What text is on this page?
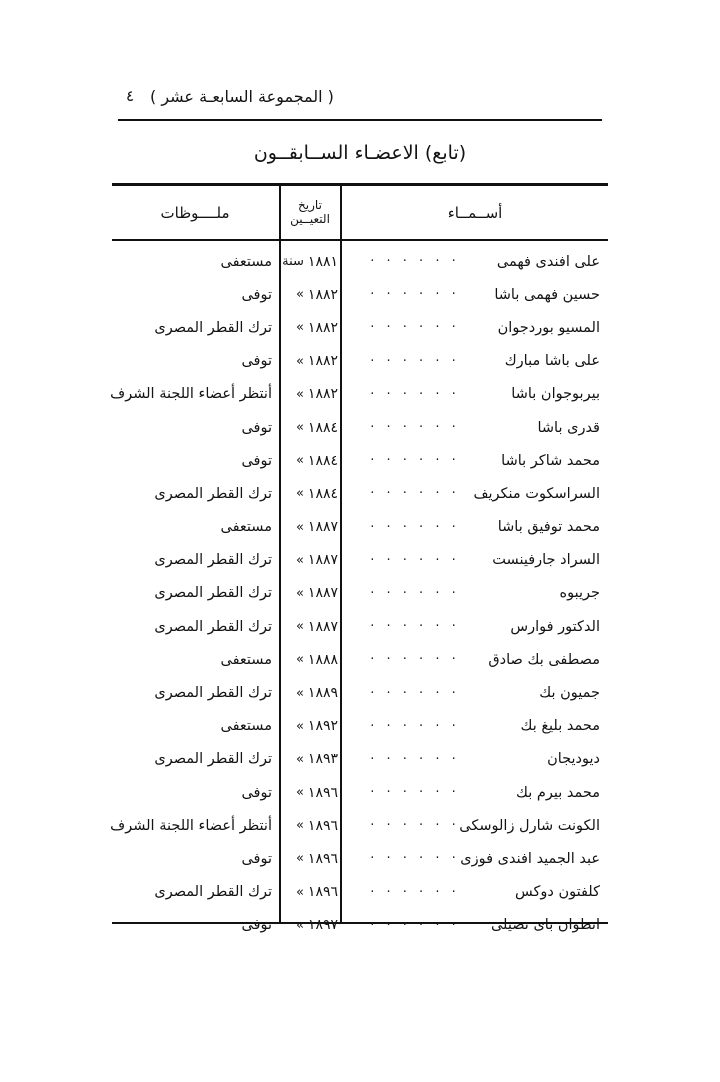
٤ ( المجموعة السابعـة عشر )
(تابع) الاعضـاء الســابقــون
أســمــاء
تاريخ التعيــين
ملــــوظات
على افندى فهمى
· · · · · ·
١٨٨١
سنة
مستعفى
حسين فهمى باشا
· · · · · ·
١٨٨٢
»
توفى
المسيو بوردجوان
· · · · · ·
١٨٨٢
»
ترك القطر المصرى
على باشا مبارك
· · · · · ·
١٨٨٢
»
توفى
بيربوجوان باشا
· · · · · ·
١٨٨٢
»
أنتظر أعضاء اللجنة الشرف
قدرى باشا
· · · · · ·
١٨٨٤
»
توفى
محمد شاكر باشا
· · · · · ·
١٨٨٤
»
توفى
السراسكوت منكريف
· · · · · ·
١٨٨٤
»
ترك القطر المصرى
محمد توفيق باشا
· · · · · ·
١٨٨٧
»
مستعفى
السراد جارفينست
· · · · · ·
١٨٨٧
»
ترك القطر المصرى
جريبوه
· · · · · ·
١٨٨٧
»
ترك القطر المصرى
الدكتور فوارس
· · · · · ·
١٨٨٧
»
ترك القطر المصرى
مصطفى بك صادق
· · · · · ·
١٨٨٨
»
مستعفى
جميون بك
· · · · · ·
١٨٨٩
»
ترك القطر المصرى
محمد بليغ بك
· · · · · ·
١٨٩٢
»
مستعفى
ديوديجان
· · · · · ·
١٨٩٣
»
ترك القطر المصرى
محمد بيرم بك
· · · · · ·
١٨٩٦
»
توفى
الكونت شارل زالوسكى
· · · · · ·
١٨٩٦
»
أنتظر أعضاء اللجنة الشرف
عبد الجميد افندى فوزى
· · · · · ·
١٨٩٦
»
توفى
كلفتون دوكس
· · · · · ·
١٨٩٦
»
ترك القطر المصرى
انطوان باى تصيلى
· · · · · ·
١٨٩٧
»
توفى
